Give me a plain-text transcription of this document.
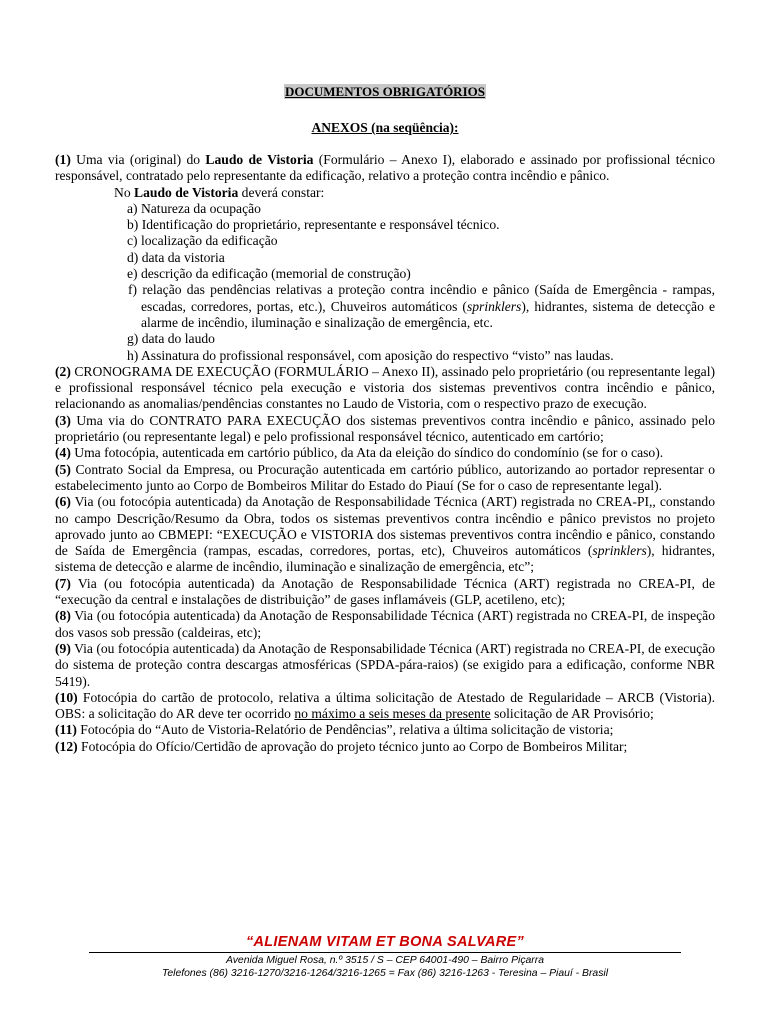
DOCUMENTOS OBRIGATÓRIOS
ANEXOS (na seqüência):
(1) Uma via (original) do Laudo de Vistoria (Formulário – Anexo I), elaborado e assinado por profissional técnico responsável, contratado pelo representante da edificação, relativo a proteção contra incêndio e pânico.
No Laudo de Vistoria deverá constar:
a) Natureza da ocupação
b) Identificação do proprietário, representante e responsável técnico.
c) localização da edificação
d) data da vistoria
e) descrição da edificação (memorial de construção)
f) relação das pendências relativas a proteção contra incêndio e pânico (Saída de Emergência - rampas, escadas, corredores, portas, etc.), Chuveiros automáticos (sprinklers), hidrantes, sistema de detecção e alarme de incêndio, iluminação e sinalização de emergência, etc.
g) data do laudo
h) Assinatura do profissional responsável, com aposição do respectivo “visto” nas laudas.
(2) CRONOGRAMA DE EXECUÇÃO (FORMULÁRIO – Anexo II), assinado pelo proprietário (ou representante legal) e profissional responsável técnico pela execução e vistoria dos sistemas preventivos contra incêndio e pânico, relacionando as anomalias/pendências constantes no Laudo de Vistoria, com o respectivo prazo de execução.
(3) Uma via do CONTRATO PARA EXECUÇÃO dos sistemas preventivos contra incêndio e pânico, assinado pelo proprietário (ou representante legal) e pelo profissional responsável técnico, autenticado em cartório;
(4) Uma fotocópia, autenticada em cartório público, da Ata da eleição do síndico do condomínio (se for o caso).
(5) Contrato Social da Empresa, ou Procuração autenticada em cartório público, autorizando ao portador representar o estabelecimento junto ao Corpo de Bombeiros Militar do Estado do Piauí (Se for o caso de representante legal).
(6) Via (ou fotocópia autenticada) da Anotação de Responsabilidade Técnica (ART) registrada no CREA-PI,, constando no campo Descrição/Resumo da Obra, todos os sistemas preventivos contra incêndio e pânico previstos no projeto aprovado junto ao CBMEPI: “EXECUÇÃO e VISTORIA dos sistemas preventivos contra incêndio e pânico, constando de Saída de Emergência (rampas, escadas, corredores, portas, etc), Chuveiros automáticos (sprinklers), hidrantes, sistema de detecção e alarme de incêndio, iluminação e sinalização de emergência, etc”;
(7) Via (ou fotocópia autenticada) da Anotação de Responsabilidade Técnica (ART) registrada no CREA-PI, de “execução da central e instalações de distribuição” de gases inflamáveis (GLP, acetileno, etc);
(8) Via (ou fotocópia autenticada) da Anotação de Responsabilidade Técnica (ART) registrada no CREA-PI, de inspeção dos vasos sob pressão (caldeiras, etc);
(9) Via (ou fotocópia autenticada) da Anotação de Responsabilidade Técnica (ART) registrada no CREA-PI, de execução do sistema de proteção contra descargas atmosféricas (SPDA-pára-raios) (se exigido para a edificação, conforme NBR 5419).
(10) Fotocópia do cartão de protocolo, relativa a última solicitação de Atestado de Regularidade – ARCB (Vistoria). OBS: a solicitação do AR deve ter ocorrido no máximo a seis meses da presente solicitação de AR Provisório;
(11) Fotocópia do “Auto de Vistoria-Relatório de Pendências”, relativa a última solicitação de vistoria;
(12) Fotocópia do Ofício/Certidão de aprovação do projeto técnico junto ao Corpo de Bombeiros Militar;
“ALIENAM VITAM ET BONA SALVARE”
Avenida Miguel Rosa, n.º 3515 / S – CEP 64001-490 – Bairro Piçarra
Telefones (86) 3216-1270/3216-1264/3216-1265 = Fax (86) 3216-1263 - Teresina – Piauí - Brasil
